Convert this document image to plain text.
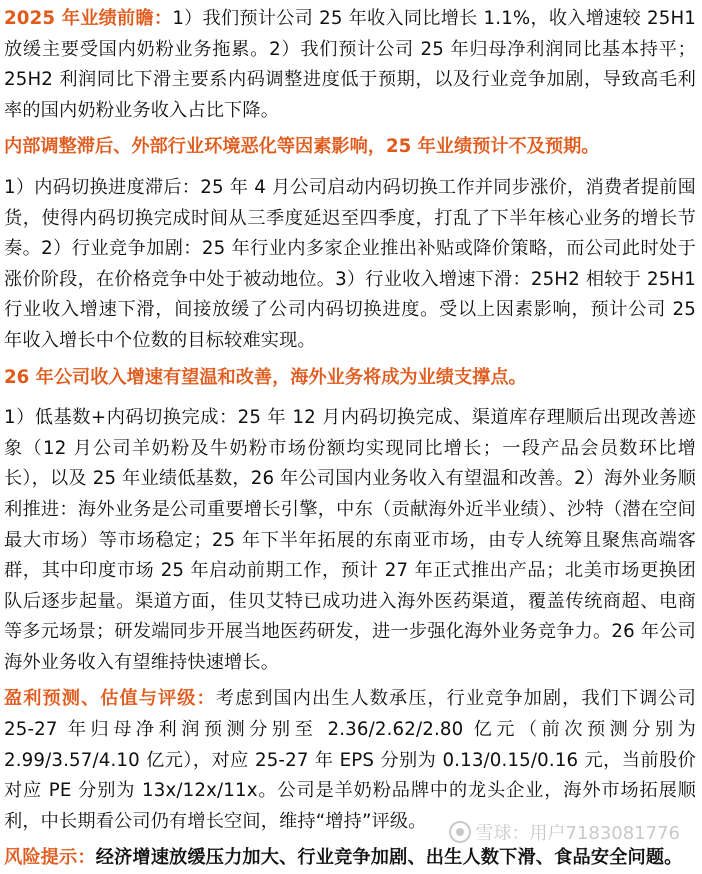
2025 年业绩前瞻：1）我们预计公司 25 年收入同比增长 1.1%，收入增速较 25H1 放缓主要受国内奶粉业务拖累。2）我们预计公司 25 年归母净利润同比基本持平；25H2 利润同比下滑主要系内码调整进度低于预期，以及行业竞争加剧，导致高毛利率的国内奶粉业务收入占比下降。

内部调整滞后、外部行业环境恶化等因素影响，25 年业绩预计不及预期。

1）内码切换进度滞后：25 年 4 月公司启动内码切换工作并同步涨价，消费者提前囤货，使得内码切换完成时间从三季度延迟至四季度，打乱了下半年核心业务的增长节奏。2）行业竞争加剧：25 年行业内多家企业推出补贴或降价策略，而公司此时处于涨价阶段，在价格竞争中处于被动地位。3）行业收入增速下滑：25H2 相较于 25H1 行业收入增速下滑，间接放缓了公司内码切换进度。受以上因素影响，预计公司 25 年收入增长中个位数的目标较难实现。

26 年公司收入增速有望温和改善，海外业务将成为业绩支撑点。

1）低基数+内码切换完成：25 年 12 月内码切换完成、渠道库存理顺后出现改善迹象（12 月公司羊奶粉及牛奶粉市场份额均实现同比增长；一段产品会员数环比增长），以及 25 年业绩低基数，26 年公司国内业务收入有望温和改善。2）海外业务顺利推进：海外业务是公司重要增长引擎，中东（贡献海外近半业绩）、沙特（潜在空间最大市场）等市场稳定；25 年下半年拓展的东南亚市场，由专人统筹且聚焦高端客群，其中印度市场 25 年启动前期工作，预计 27 年正式推出产品；北美市场更换团队后逐步起量。渠道方面，佳贝艾特已成功进入海外医药渠道，覆盖传统商超、电商等多元场景；研发端同步开展当地医药研发，进一步强化海外业务竞争力。26 年公司海外业务收入有望维持快速增长。

盈利预测、估值与评级：考虑到国内出生人数承压，行业竞争加剧，我们下调公司 25-27 年归母净利润预测分别至 2.36/2.62/2.80 亿元（前次预测分别为 2.99/3.57/4.10 亿元），对应 25-27 年 EPS 分别为 0.13/0.15/0.16 元，当前股价对应 PE 分别为 13x/12x/11x。公司是羊奶粉品牌中的龙头企业，海外市场拓展顺利，中长期看公司仍有增长空间，维持“增持”评级。

风险提示：经济增速放缓压力加大、行业竞争加剧、出生人数下滑、食品安全问题。

雪球：用户7183081776
